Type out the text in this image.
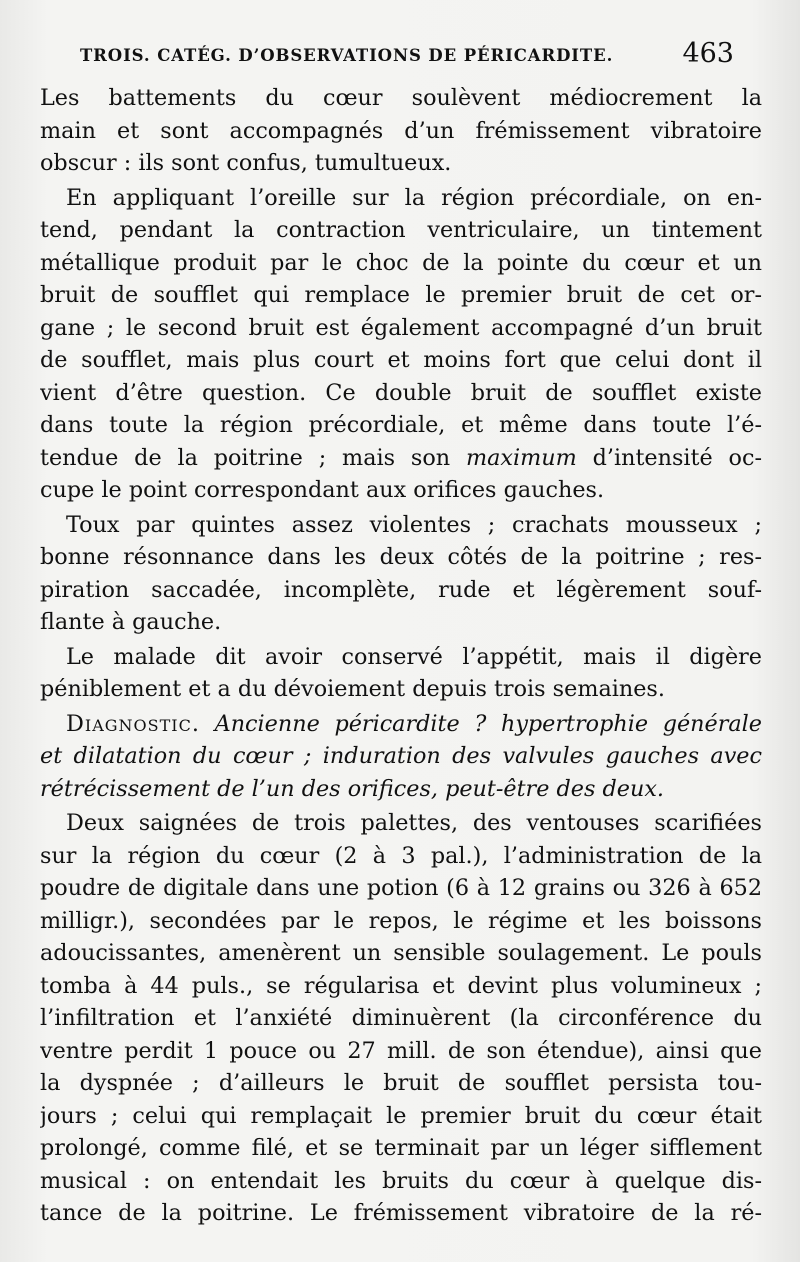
TROIS. CATÉG. D’OBSERVATIONS DE PÉRICARDITE.	463
Les battements du cœur soulèvent médiocrement la
main et sont accompagnés d’un frémissement vibratoire
obscur : ils sont confus, tumultueux.
En appliquant l’oreille sur la région précordiale, on en-
tend, pendant la contraction ventriculaire, un tintement
métallique produit par le choc de la pointe du cœur et un
bruit de soufflet qui remplace le premier bruit de cet or-
gane ; le second bruit est également accompagné d’un bruit
de soufflet, mais plus court et moins fort que celui dont il
vient d’être question. Ce double bruit de soufflet existe
dans toute la région précordiale, et même dans toute l’é-
tendue de la poitrine ; mais son maximum d’intensité oc-
cupe le point correspondant aux orifices gauches.
Toux par quintes assez violentes ; crachats mousseux ;
bonne résonnance dans les deux côtés de la poitrine ; res-
piration saccadée, incomplète, rude et légèrement souf-
flante à gauche.
Le malade dit avoir conservé l’appétit, mais il digère
péniblement et a du dévoiement depuis trois semaines.
Diagnostic. Ancienne péricardite ? hypertrophie générale
et dilatation du cœur ; induration des valvules gauches avec
rétrécissement de l’un des orifices, peut-être des deux.
Deux saignées de trois palettes, des ventouses scarifiées
sur la région du cœur (2 à 3 pal.), l’administration de la
poudre de digitale dans une potion (6 à 12 grains ou 326 à 652
milligr.), secondées par le repos, le régime et les boissons
adoucissantes, amenèrent un sensible soulagement. Le pouls
tomba à 44 puls., se régularisa et devint plus volumineux ;
l’infiltration et l’anxiété diminuèrent (la circonférence du
ventre perdit 1 pouce ou 27 mill. de son étendue), ainsi que
la dyspnée ; d’ailleurs le bruit de soufflet persista tou-
jours ; celui qui remplaçait le premier bruit du cœur était
prolongé, comme filé, et se terminait par un léger sifflement
musical : on entendait les bruits du cœur à quelque dis-
tance de la poitrine. Le frémissement vibratoire de la ré-
